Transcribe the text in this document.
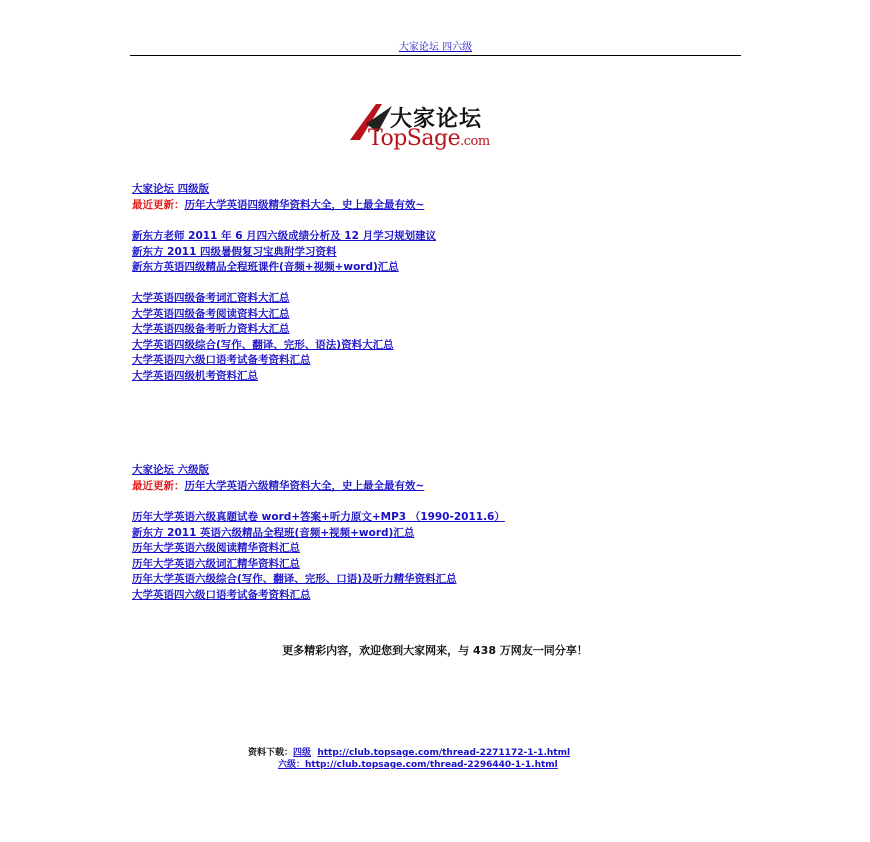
大家论坛 四六级
大家论坛
TopSage.com
大家论坛 四级版
最近更新：历年大学英语四级精华资料大全，史上最全最有效~
新东方老师 2011 年 6 月四六级成绩分析及 12 月学习规划建议
新东方 2011 四级暑假复习宝典附学习资料
新东方英语四级精品全程班课件(音频+视频+word)汇总
大学英语四级备考词汇资料大汇总
大学英语四级备考阅读资料大汇总
大学英语四级备考听力资料大汇总
大学英语四级综合(写作、翻译、完形、语法)资料大汇总
大学英语四六级口语考试备考资料汇总
大学英语四级机考资料汇总
大家论坛 六级版
最近更新：历年大学英语六级精华资料大全，史上最全最有效~
历年大学英语六级真题试卷 word+答案+听力原文+MP3 （1990-2011.6）
新东方 2011 英语六级精品全程班(音频+视频+word)汇总
历年大学英语六级阅读精华资料汇总
历年大学英语六级词汇精华资料汇总
历年大学英语六级综合(写作、翻译、完形、口语)及听力精华资料汇总
大学英语四六级口语考试备考资料汇总
更多精彩内容，欢迎您到大家网来，与 438 万网友一同分享！
资料下载：四级 http://club.topsage.com/thread-2271172-1-1.html
六级：http://club.topsage.com/thread-2296440-1-1.html
